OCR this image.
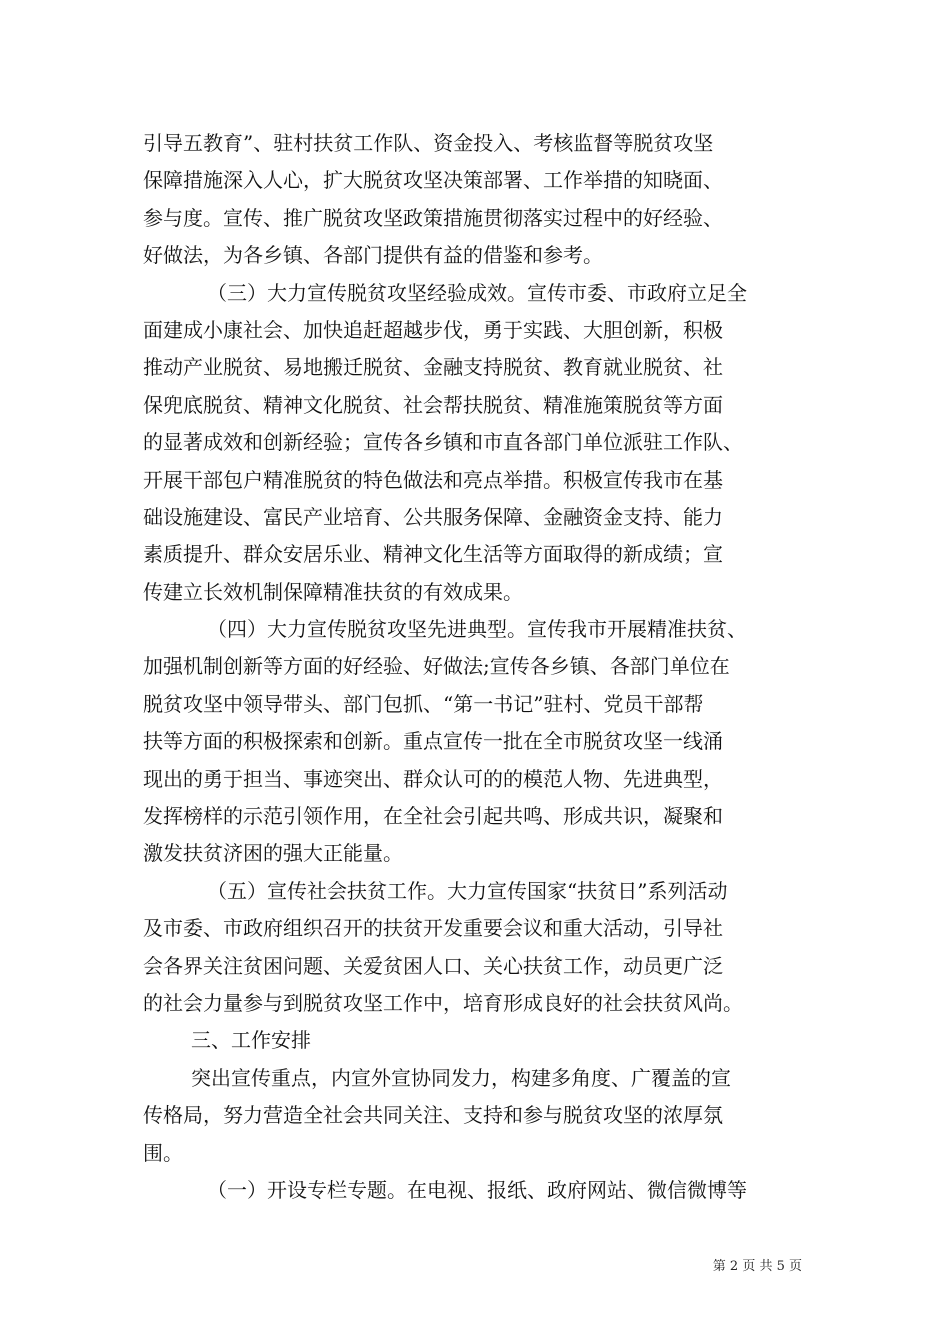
引导五教育”、驻村扶贫工作队、资金投入、考核监督等脱贫攻坚
保障措施深入人心，扩大脱贫攻坚决策部署、工作举措的知晓面、
参与度。宣传、推广脱贫攻坚政策措施贯彻落实过程中的好经验、
好做法，为各乡镇、各部门提供有益的借鉴和参考。
（三）大力宣传脱贫攻坚经验成效。宣传市委、市政府立足全
面建成小康社会、加快追赶超越步伐，勇于实践、大胆创新，积极
推动产业脱贫、易地搬迁脱贫、金融支持脱贫、教育就业脱贫、社
保兜底脱贫、精神文化脱贫、社会帮扶脱贫、精准施策脱贫等方面
的显著成效和创新经验；宣传各乡镇和市直各部门单位派驻工作队、
开展干部包户精准脱贫的特色做法和亮点举措。积极宣传我市在基
础设施建设、富民产业培育、公共服务保障、金融资金支持、能力
素质提升、群众安居乐业、精神文化生活等方面取得的新成绩；宣
传建立长效机制保障精准扶贫的有效成果。
（四）大力宣传脱贫攻坚先进典型。宣传我市开展精准扶贫、
加强机制创新等方面的好经验、好做法;宣传各乡镇、各部门单位在
脱贫攻坚中领导带头、部门包抓、“第一书记”驻村、党员干部帮
扶等方面的积极探索和创新。重点宣传一批在全市脱贫攻坚一线涌
现出的勇于担当、事迹突出、群众认可的的模范人物、先进典型，
发挥榜样的示范引领作用，在全社会引起共鸣、形成共识，凝聚和
激发扶贫济困的强大正能量。
（五）宣传社会扶贫工作。大力宣传国家“扶贫日”系列活动
及市委、市政府组织召开的扶贫开发重要会议和重大活动，引导社
会各界关注贫困问题、关爱贫困人口、关心扶贫工作，动员更广泛
的社会力量参与到脱贫攻坚工作中，培育形成良好的社会扶贫风尚。
三、工作安排
突出宣传重点，内宣外宣协同发力，构建多角度、广覆盖的宣
传格局，努力营造全社会共同关注、支持和参与脱贫攻坚的浓厚氛
围。
（一）开设专栏专题。在电视、报纸、政府网站、微信微博等
第 2 页 共 5 页
